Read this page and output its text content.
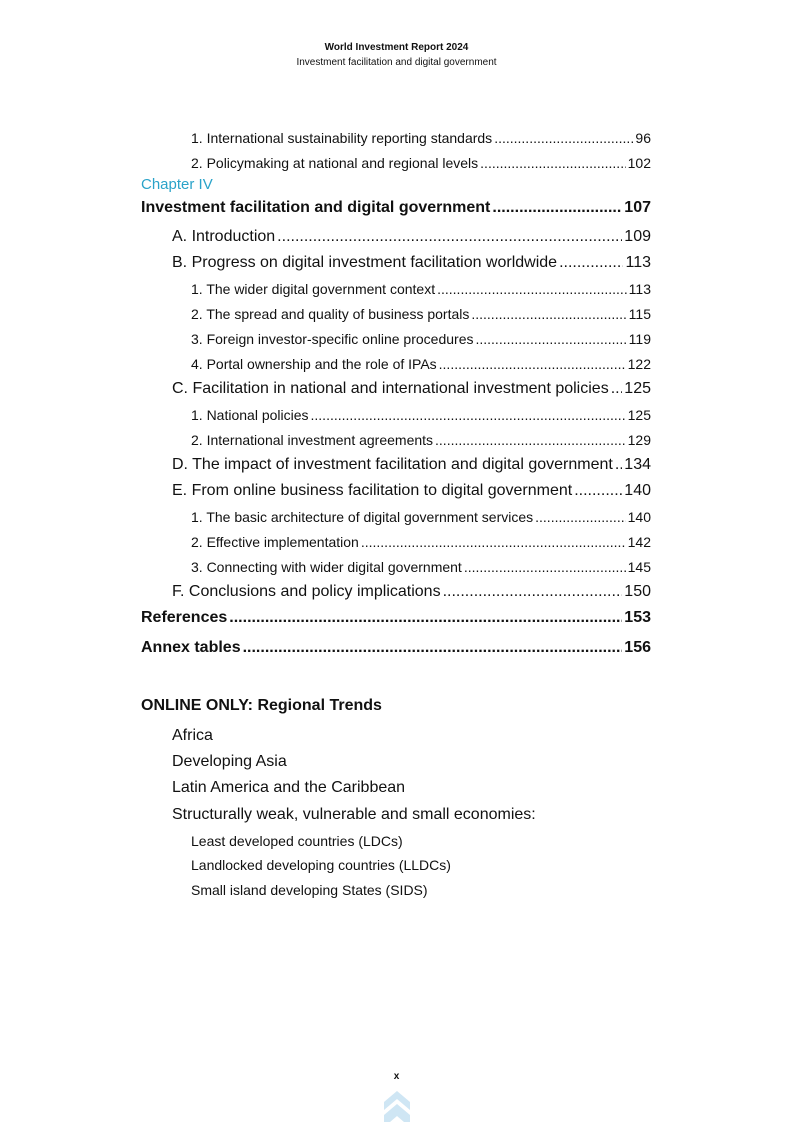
World Investment Report 2024
Investment facilitation and digital government
1. International sustainability reporting standards .....	96
2. Policymaking at national and regional levels .....	102
Chapter IV
Investment facilitation and digital government .....	107
A. Introduction .....	109
B. Progress on digital investment facilitation worldwide .....	113
1. The wider digital government context .....	113
2. The spread and quality of business portals .....	115
3. Foreign investor-specific online procedures .....	119
4. Portal ownership and the role of IPAs .....	122
C. Facilitation in national and international investment policies ..... 125
1. National policies .....	125
2. International investment agreements .....	129
D. The impact of investment facilitation and digital government ..... 134
E. From online business facilitation to digital government .....	140
1. The basic architecture of digital government services .....	140
2. Effective implementation .....	142
3. Connecting with wider digital government .....	145
F. Conclusions and policy implications .....	150
References .....	153
Annex tables .....	156
ONLINE ONLY: Regional Trends
Africa
Developing Asia
Latin America and the Caribbean
Structurally weak, vulnerable and small economies:
Least developed countries (LDCs)
Landlocked developing countries (LLDCs)
Small island developing States (SIDS)
x
